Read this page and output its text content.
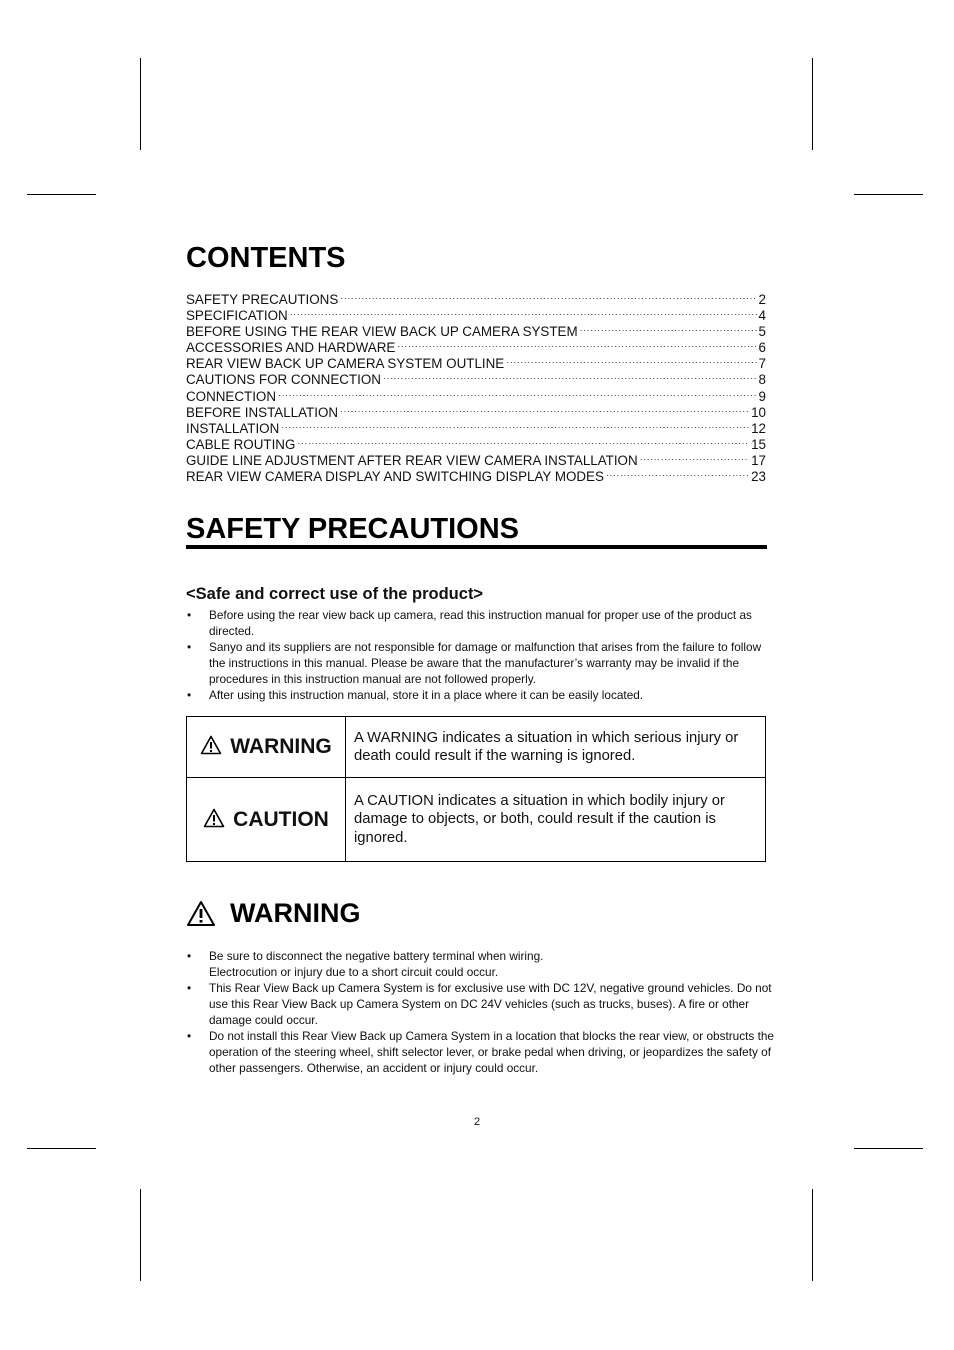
CONTENTS
SAFETY PRECAUTIONS ·····	2
SPECIFICATION ·····	4
BEFORE USING THE REAR VIEW BACK UP CAMERA SYSTEM ·····	5
ACCESSORIES AND HARDWARE ·····	6
REAR VIEW BACK UP CAMERA SYSTEM OUTLINE ·····	7
CAUTIONS FOR CONNECTION ·····	8
CONNECTION ·····	9
BEFORE INSTALLATION ·····	10
INSTALLATION ·····	12
CABLE ROUTING ·····	15
GUIDE LINE ADJUSTMENT AFTER REAR VIEW CAMERA INSTALLATION ·····	17
REAR VIEW CAMERA DISPLAY AND SWITCHING DISPLAY MODES ·····	23
SAFETY PRECAUTIONS
<Safe and correct use of the product>
• Before using the rear view back up camera, read this instruction manual for proper use of the product as directed.
• Sanyo and its suppliers are not responsible for damage or malfunction that arises from the failure to follow the instructions in this manual. Please be aware that the manufacturer’s warranty may be invalid if the procedures in this instruction manual are not followed properly.
• After using this instruction manual, store it in a place where it can be easily located.
WARNING	A WARNING indicates a situation in which serious injury or death could result if the warning is ignored.
CAUTION	A CAUTION indicates a situation in which bodily injury or damage to objects, or both, could result if the caution is ignored.
WARNING
• Be sure to disconnect the negative battery terminal when wiring.
Electrocution or injury due to a short circuit could occur.
• This Rear View Back up Camera System is for exclusive use with DC 12V, negative ground vehicles. Do not use this Rear View Back up Camera System on DC 24V vehicles (such as trucks, buses). A fire or other damage could occur.
• Do not install this Rear View Back up Camera System in a location that blocks the rear view, or obstructs the operation of the steering wheel, shift selector lever, or brake pedal when driving, or jeopardizes the safety of other passengers. Otherwise, an accident or injury could occur.
2
